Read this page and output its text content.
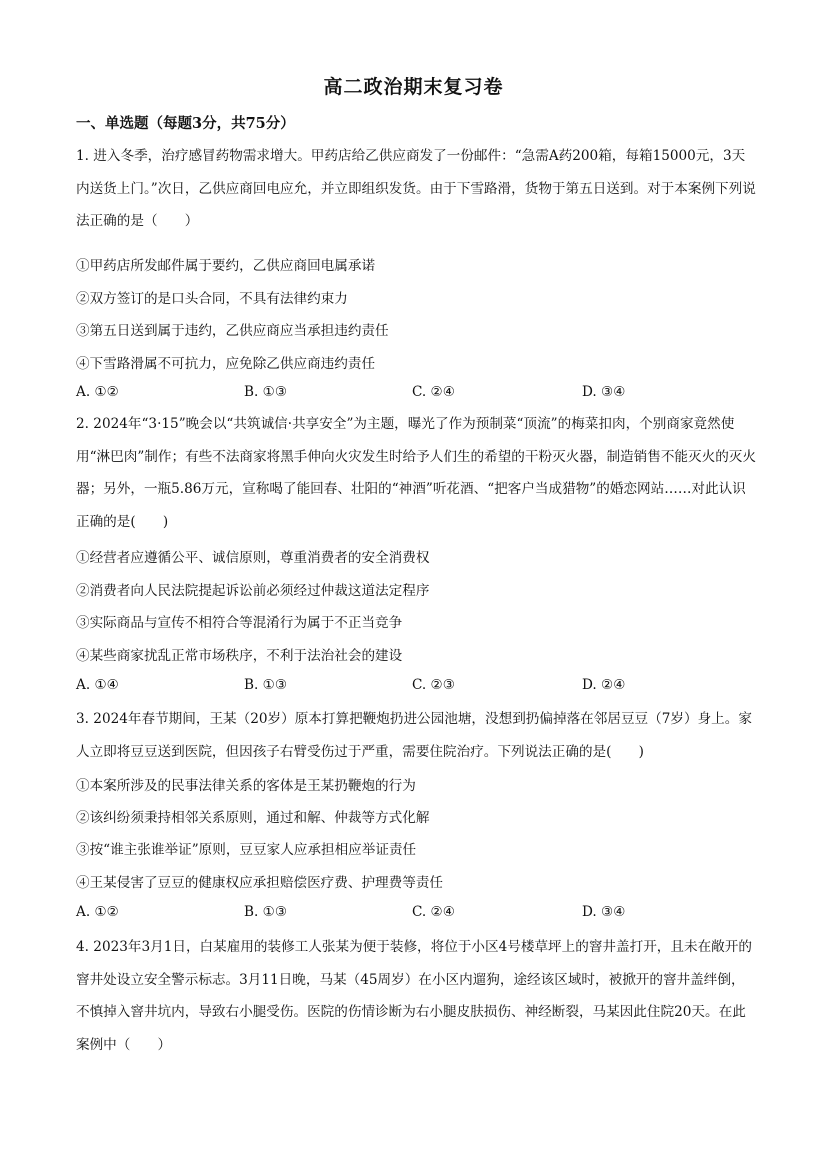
高二政治期末复习卷
一、单选题（每题3分，共75分）
1. 进入冬季，治疗感冒药物需求增大。甲药店给乙供应商发了一份邮件：“急需A药200箱，每箱15000元，3天内送货上门。”次日，乙供应商回电应允，并立即组织发货。由于下雪路滑，货物于第五日送到。对于本案例下列说法正确的是（　　）
①甲药店所发邮件属于要约，乙供应商回电属承诺
②双方签订的是口头合同，不具有法律约束力
③第五日送到属于违约，乙供应商应当承担违约责任
④下雪路滑属不可抗力，应免除乙供应商违约责任
A. ①②	B. ①③	C. ②④	D. ③④
2. 2024年“3·15”晚会以“共筑诚信·共享安全”为主题，曝光了作为预制菜“顶流”的梅菜扣肉，个别商家竟然使用“淋巴肉”制作；有些不法商家将黑手伸向火灾发生时给予人们生的希望的干粉灭火器，制造销售不能灭火的灭火器；另外，一瓶5.86万元，宣称喝了能回春、壮阳的“神酒”听花酒、“把客户当成猎物”的婚恋网站……对此认识正确的是(　　)
①经营者应遵循公平、诚信原则，尊重消费者的安全消费权
②消费者向人民法院提起诉讼前必须经过仲裁这道法定程序
③实际商品与宣传不相符合等混淆行为属于不正当竞争
④某些商家扰乱正常市场秩序，不利于法治社会的建设
A. ①④	B. ①③	C. ②③	D. ②④
3. 2024年春节期间，王某（20岁）原本打算把鞭炮扔进公园池塘，没想到扔偏掉落在邻居豆豆（7岁）身上。家人立即将豆豆送到医院，但因孩子右臂受伤过于严重，需要住院治疗。下列说法正确的是(　　)
①本案所涉及的民事法律关系的客体是王某扔鞭炮的行为
②该纠纷须秉持相邻关系原则，通过和解、仲裁等方式化解
③按“谁主张谁举证”原则，豆豆家人应承担相应举证责任
④王某侵害了豆豆的健康权应承担赔偿医疗费、护理费等责任
A. ①②	B. ①③	C. ②④	D. ③④
4. 2023年3月1日，白某雇用的装修工人张某为便于装修，将位于小区4号楼草坪上的窨井盖打开，且未在敞开的窨井处设立安全警示标志。3月11日晚，马某（45周岁）在小区内遛狗，途经该区域时，被掀开的窨井盖绊倒，不慎掉入窨井坑内，导致右小腿受伤。医院的伤情诊断为右小腿皮肤损伤、神经断裂，马某因此住院20天。在此案例中（　　）
